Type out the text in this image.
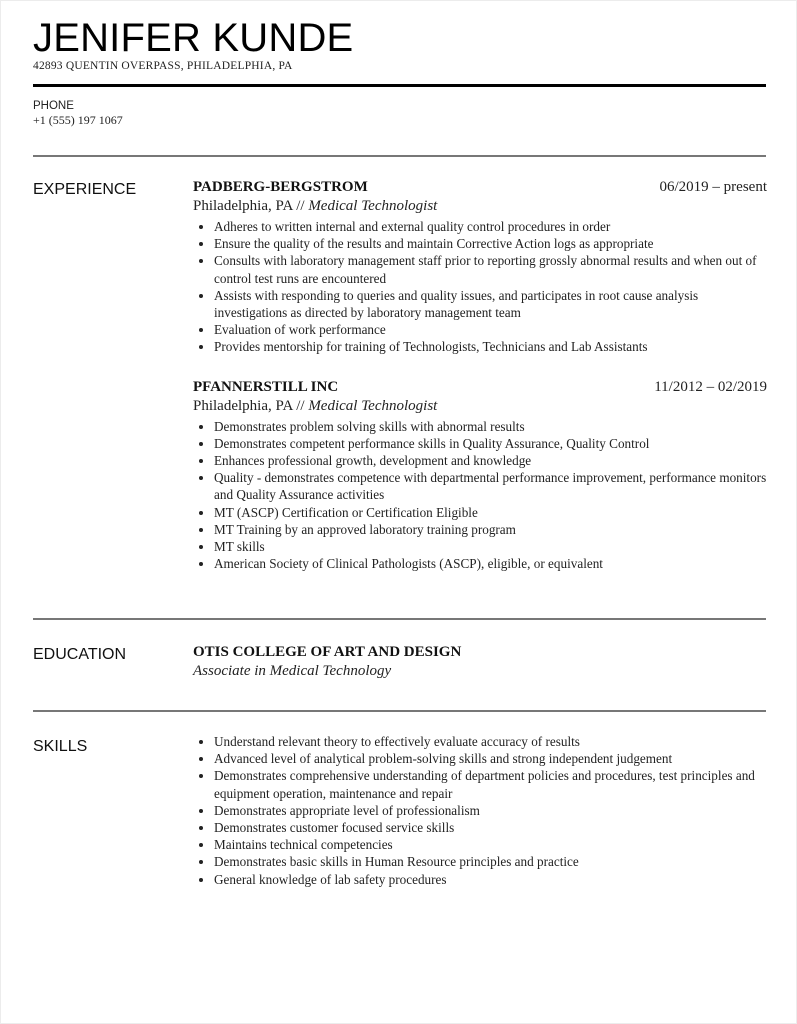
JENIFER KUNDE
42893 QUENTIN OVERPASS, PHILADELPHIA, PA
PHONE
+1 (555) 197 1067
EXPERIENCE	PADBERG-BERGSTROM	06/2019 – present
Philadelphia, PA // Medical Technologist
• Adheres to written internal and external quality control procedures in order
• Ensure the quality of the results and maintain Corrective Action logs as appropriate
• Consults with laboratory management staff prior to reporting grossly abnormal results and when out of control test runs are encountered
• Assists with responding to queries and quality issues, and participates in root cause analysis investigations as directed by laboratory management team
• Evaluation of work performance
• Provides mentorship for training of Technologists, Technicians and Lab Assistants
PFANNERSTILL INC	11/2012 – 02/2019
Philadelphia, PA // Medical Technologist
• Demonstrates problem solving skills with abnormal results
• Demonstrates competent performance skills in Quality Assurance, Quality Control
• Enhances professional growth, development and knowledge
• Quality - demonstrates competence with departmental performance improvement, performance monitors and Quality Assurance activities
• MT (ASCP) Certification or Certification Eligible
• MT Training by an approved laboratory training program
• MT skills
• American Society of Clinical Pathologists (ASCP), eligible, or equivalent
EDUCATION	OTIS COLLEGE OF ART AND DESIGN
Associate in Medical Technology
SKILLS	• Understand relevant theory to effectively evaluate accuracy of results
• Advanced level of analytical problem-solving skills and strong independent judgement
• Demonstrates comprehensive understanding of department policies and procedures, test principles and equipment operation, maintenance and repair
• Demonstrates appropriate level of professionalism
• Demonstrates customer focused service skills
• Maintains technical competencies
• Demonstrates basic skills in Human Resource principles and practice
• General knowledge of lab safety procedures
